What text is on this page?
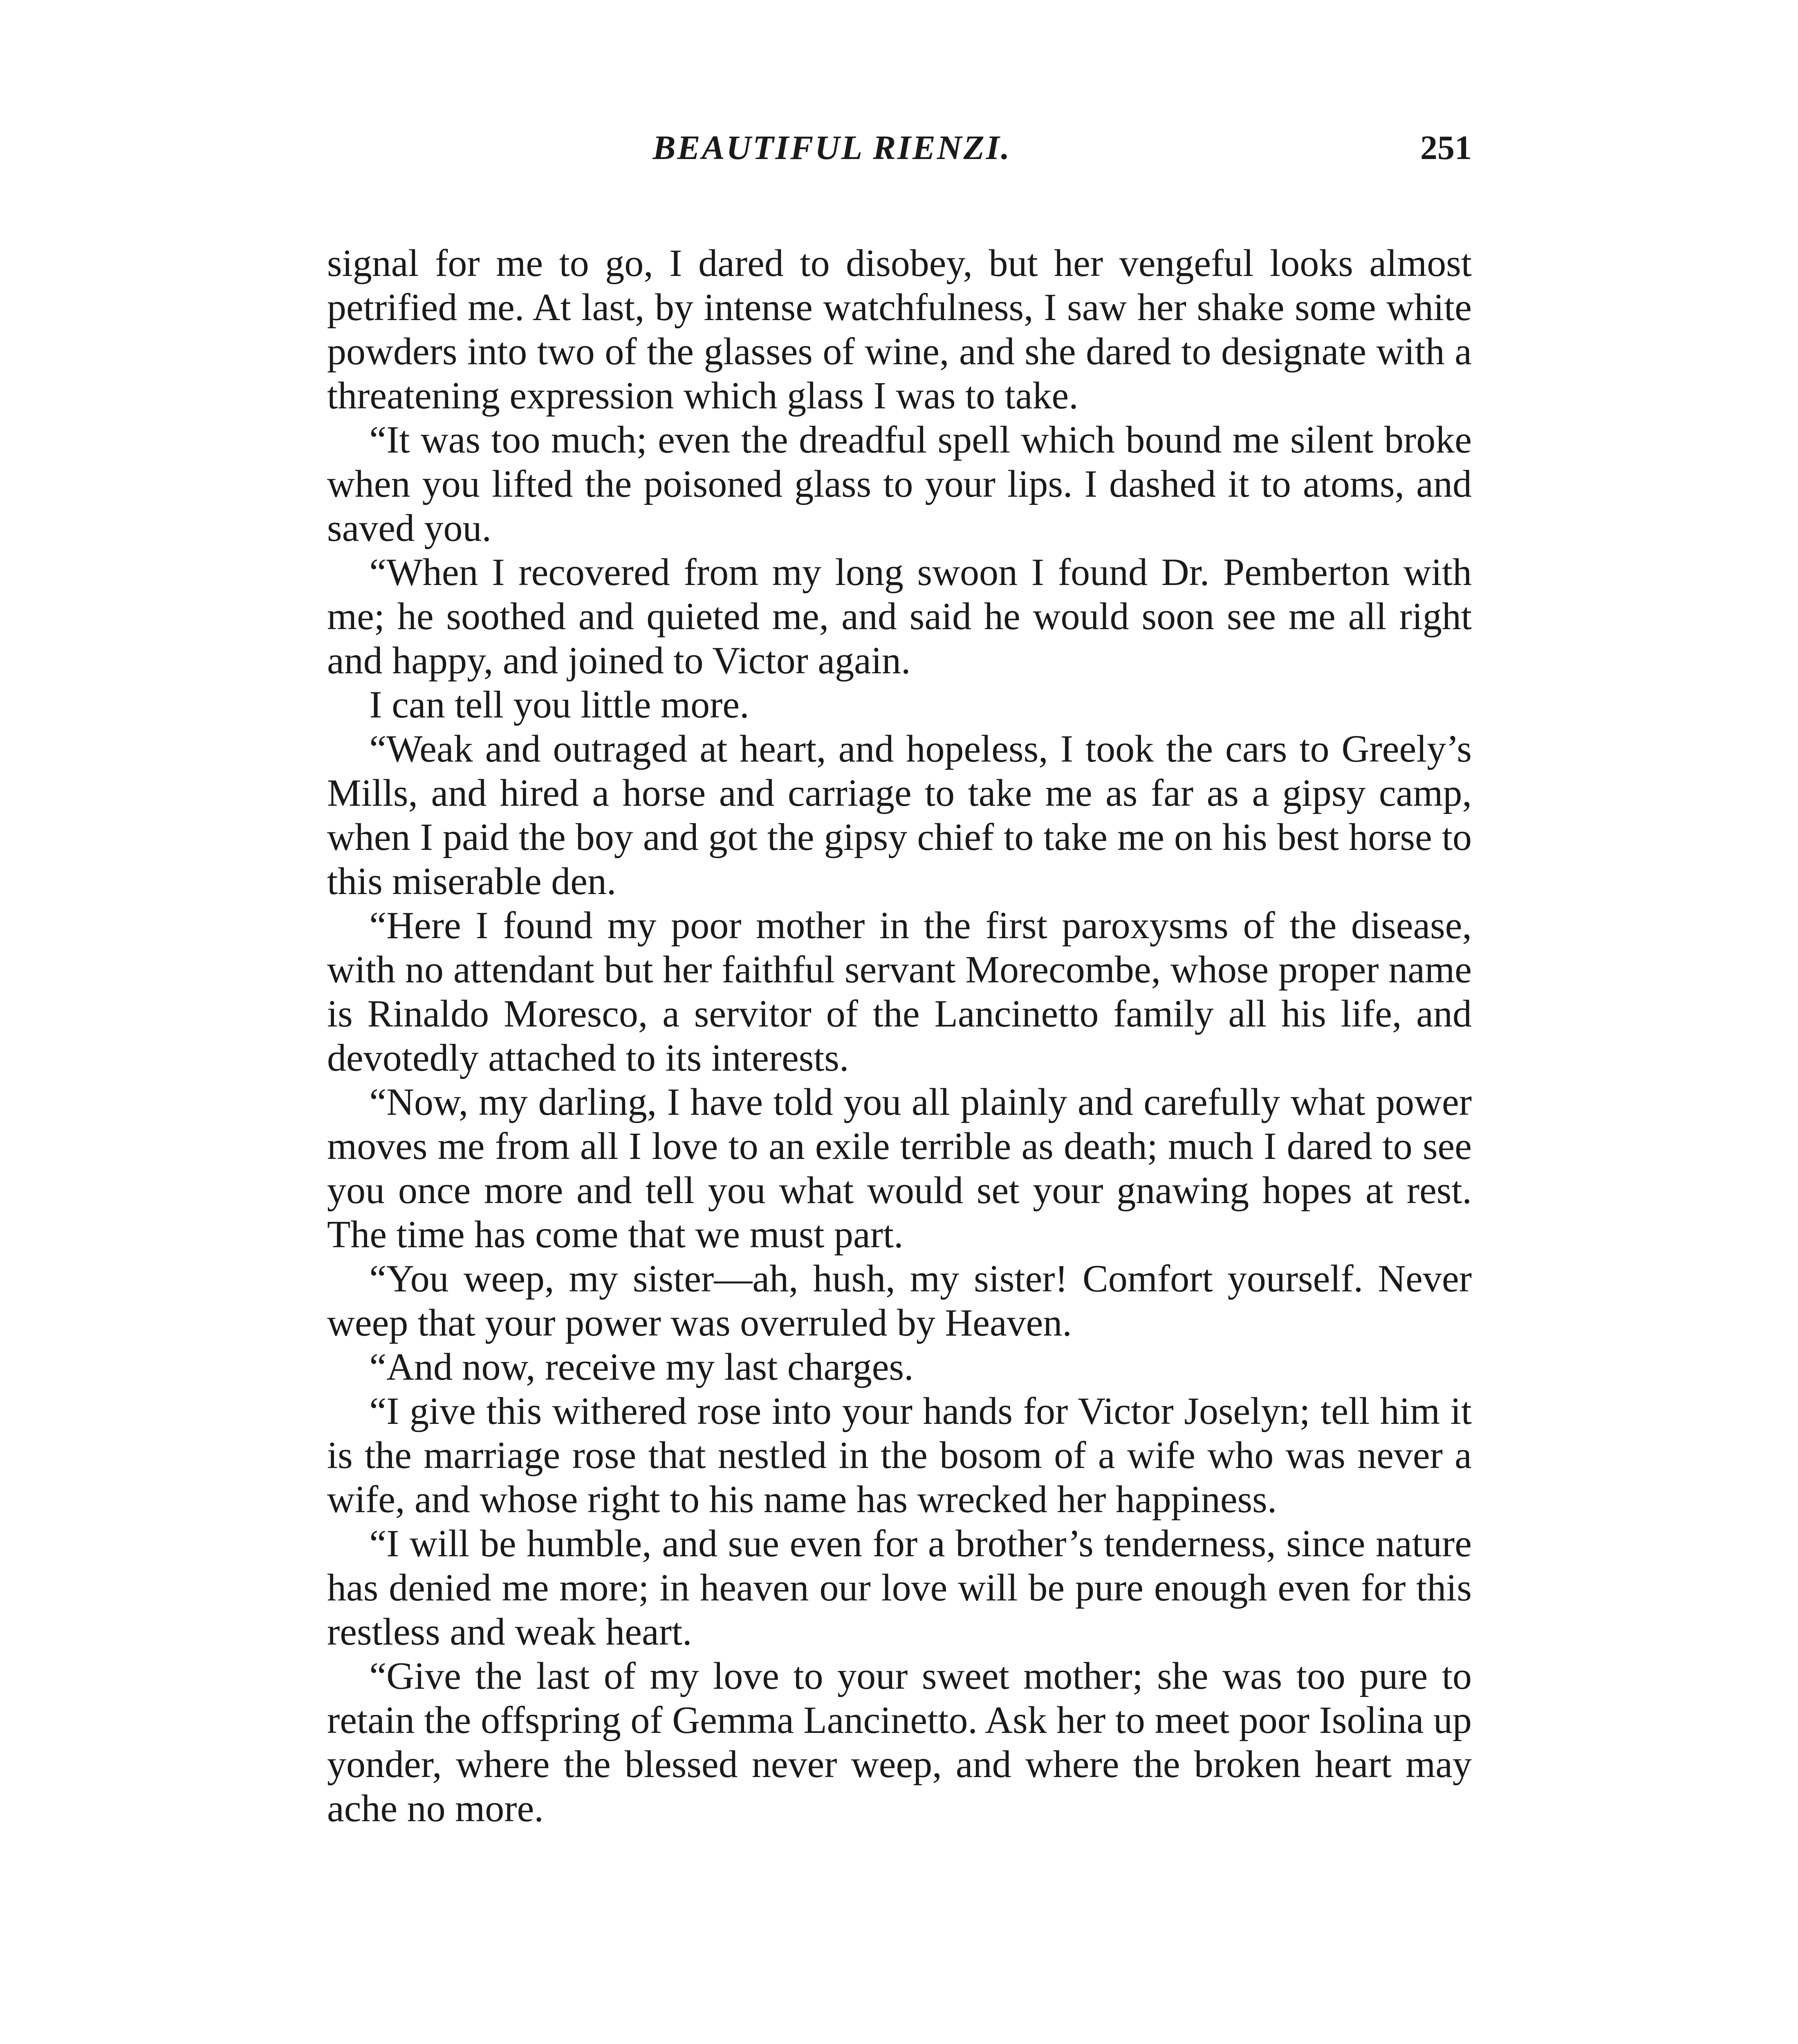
BEAUTIFUL RIENZI.	251

signal for me to go, I dared to disobey, but her vengeful looks almost petrified me. At last, by intense watchfulness, I saw her shake some white powders into two of the glasses of wine, and she dared to designate with a threatening expression which glass I was to take.

“It was too much; even the dreadful spell which bound me silent broke when you lifted the poisoned glass to your lips. I dashed it to atoms, and saved you.

“When I recovered from my long swoon I found Dr. Pemberton with me; he soothed and quieted me, and said he would soon see me all right and happy, and joined to Victor again.

I can tell you little more.

“Weak and outraged at heart, and hopeless, I took the cars to Greely’s Mills, and hired a horse and carriage to take me as far as a gipsy camp, when I paid the boy and got the gipsy chief to take me on his best horse to this miserable den.

“Here I found my poor mother in the first paroxysms of the disease, with no attendant but her faithful servant Morecombe, whose proper name is Rinaldo Moresco, a servitor of the Lancinetto family all his life, and devotedly attached to its interests.

“Now, my darling, I have told you all plainly and carefully what power moves me from all I love to an exile terrible as death; much I dared to see you once more and tell you what would set your gnawing hopes at rest. The time has come that we must part.

“You weep, my sister—ah, hush, my sister! Comfort yourself. Never weep that your power was overruled by Heaven.

“And now, receive my last charges.

“I give this withered rose into your hands for Victor Joselyn; tell him it is the marriage rose that nestled in the bosom of a wife who was never a wife, and whose right to his name has wrecked her happiness.

“I will be humble, and sue even for a brother’s tenderness, since nature has denied me more; in heaven our love will be pure enough even for this restless and weak heart.

“Give the last of my love to your sweet mother; she was too pure to retain the offspring of Gemma Lancinetto. Ask her to meet poor Isolina up yonder, where the blessed never weep, and where the broken heart may ache no more.
